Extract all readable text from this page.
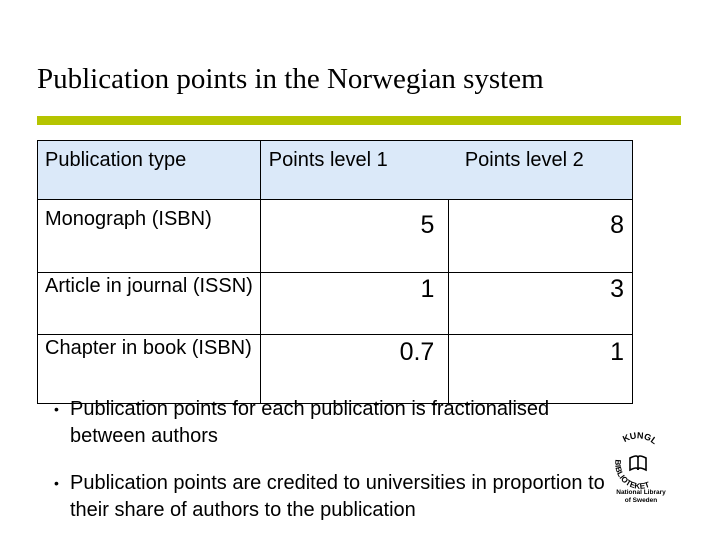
Publication points in the Norwegian system
Publication type	Points level 1	Points level 2

Monograph (ISBN)	5	8
Article in journal (ISSN)	1	3
Chapter in book (ISBN)	0.7	1
• Publication points for each publication is fractionalised between authors
• Publication points are credited to universities in proportion to their share of authors to the publication
KUNGL
BIBLIOTEKET
National Library
of Sweden
